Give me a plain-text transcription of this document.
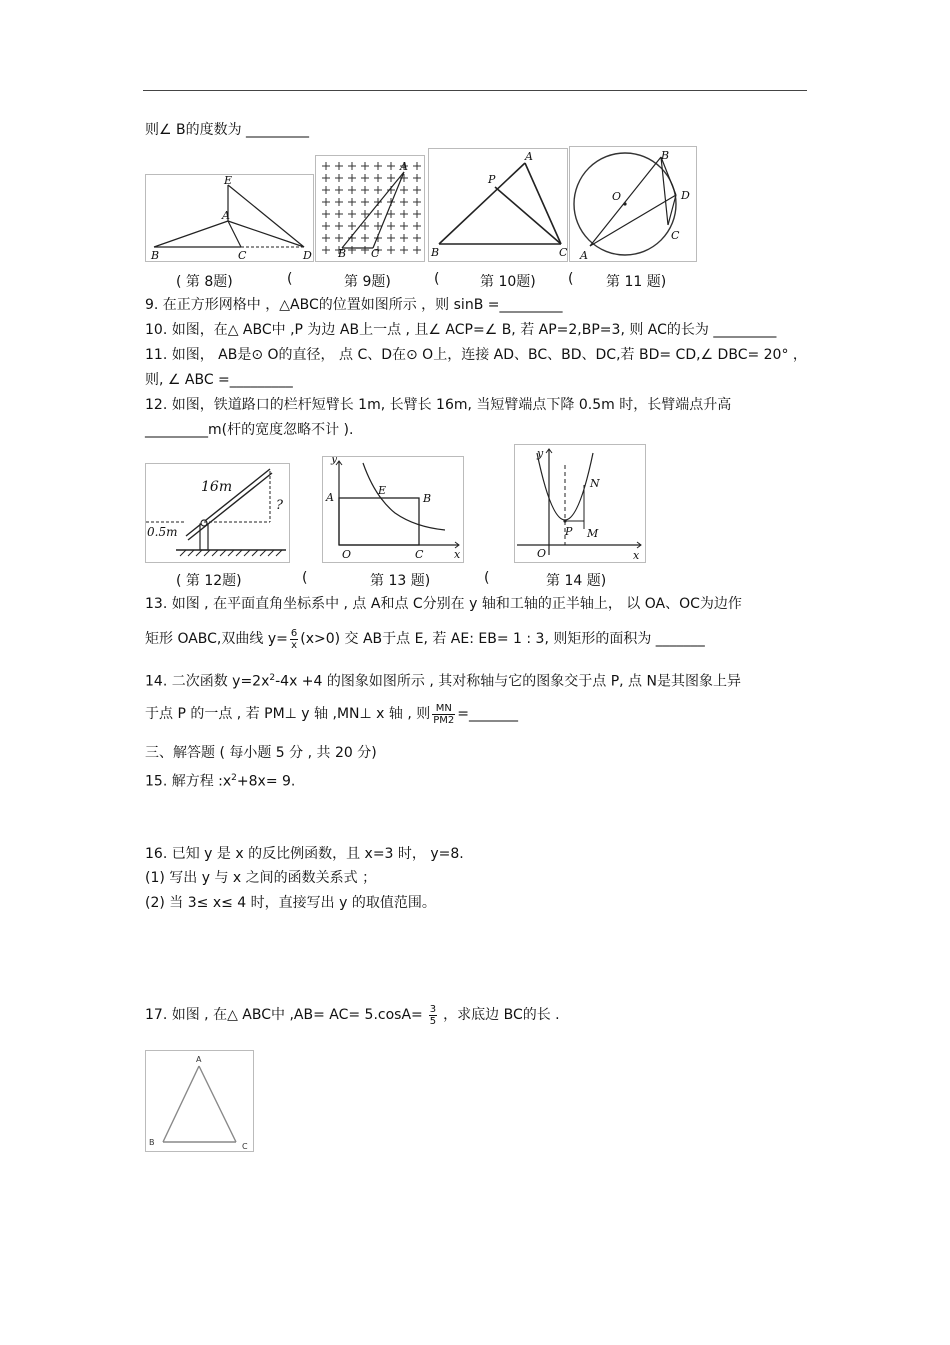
则∠ B的度数为 _________
E
A
B	C	D
A
B C
A
P
B	C
B
O	D
C
A
( 第 8题)	(	第 9题)	(	第 10题) ( 第 11 题)
9. 在正方形网格中 ，△ABC的位置如图所示 ，则 sinB =_________
10. 如图，在△ ABC中 ,P 为边 AB上一点 , 且∠ ACP=∠ B, 若 AP=2,BP=3, 则 AC的长为 _________
11. 如图， AB是⊙ O的直径， 点 C、D在⊙ O上，连接 AD、BC、BD、DC,若 BD= CD,∠ DBC= 20° ，
则, ∠ ABC =_________
12. 如图，铁道路口的栏杆短臂长 1m, 长臂长 16m, 当短臂端点下降 0.5m 时，长臂端点升高
_________m(杆的宽度忽略不计 ).
16m
0.5m
?
y
A
E
B
O	C	x
y
N
P M
O	x
( 第 12题)	(	第 13 题)	(	第 14 题)
13. 如图 , 在平面直角坐标系中 , 点 A和点 C分别在 y 轴和工轴的正半轴上， 以 OA、OC为边作
矩形 OABC,双曲线 $y= \frac{6}{x} (x>0)$ 交 AB于点 E, 若 AE: EB= 1 : 3, 则矩形的面积为 _______
14. 二次函数 $y=2x^2-4x +4$ 的图象如图所示 , 其对称轴与它的图象交于点 P, 点 N是其图象上异
于点 P 的一点 , 若 PM⊥ y 轴 ,MN⊥ x 轴 , 则 $\frac{MN}{PM2}$ =_______
三、解答题 ( 每小题 5 分 , 共 20 分)
15. 解方程 $:x^2+8x= 9$.
16. 已知 y 是 x 的反比例函数，且 x=3 时， y=8.
(1) 写出 y 与 x 之间的函数关系式 ；
(2) 当 3≤ x≤ 4 时，直接写出 y 的取值范围。
17. 如图 , 在△ ABC中 $,AB= AC= 5.\cos A= \frac{3}{5}$ ，求底边 BC的长 .
A
B	C
